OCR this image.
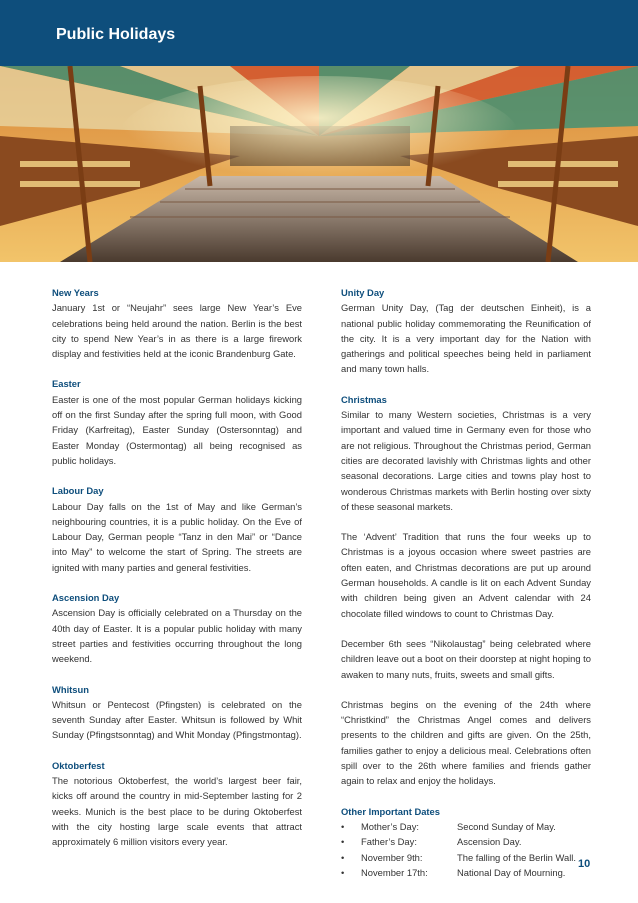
Public Holidays
New Years

January 1st or “Neujahr” sees large New Year’s Eve celebrations being held around the nation. Berlin is the best city to spend New Year’s in as there is a large firework display and festivities held at the iconic Brandenburg Gate.

Easter

Easter is one of the most popular German holidays kicking off on the first Sunday after the spring full moon, with Good Friday (Karfreitag), Easter Sunday (Ostersonntag) and Easter Monday (Ostermontag) all being recognised as public holidays.

Labour Day

Labour Day falls on the 1st of May and like German’s neighbouring countries, it is a public holiday. On the Eve of Labour Day, German people “Tanz in den Mai” or “Dance into May” to welcome the start of Spring. The streets are ignited with many parties and general festivities.

Ascension Day

Ascension Day is officially celebrated on a Thursday on the 40th day of Easter. It is a popular public holiday with many street parties and festivities occurring throughout the long weekend.

Whitsun

Whitsun or Pentecost (Pfingsten) is celebrated on the seventh Sunday after Easter. Whitsun is followed by Whit Sunday (Pfingstsonntag) and Whit Monday (Pfingstmontag).

Oktoberfest

The notorious Oktoberfest, the world’s largest beer fair, kicks off around the country in mid-September lasting for 2 weeks. Munich is the best place to be during Oktoberfest with the city hosting large scale events that attract approximately 6 million visitors every year.

Unity Day

German Unity Day, (Tag der deutschen Einheit), is a national public holiday commemorating the Reunification of the city. It is a very important day for the Nation with gatherings and political speeches being held in parliament and many town halls.

Christmas

Similar to many Western societies, Christmas is a very important and valued time in Germany even for those who are not religious. Throughout the Christmas period, German cities are decorated lavishly with Christmas lights and other seasonal decorations. Large cities and towns play host to wonderous Christmas markets with Berlin hosting over sixty of these seasonal markets.

The ‘Advent’ Tradition that runs the four weeks up to Christmas is a joyous occasion where sweet pastries are often eaten, and Christmas decorations are put up around German households. A candle is lit on each Advent Sunday with children being given an Advent calendar with 24 chocolate filled windows to count to Christmas Day.

December 6th sees “Nikolaustag” being celebrated where children leave out a boot on their doorstep at night hoping to awaken to many nuts, fruits, sweets and small gifts.

Christmas begins on the evening of the 24th where “Christkind” the Christmas Angel comes and delivers presents to the children and gifts are given. On the 25th, families gather to enjoy a delicious meal. Celebrations often spill over to the 26th where families and friends gather again to relax and enjoy the holidays.

Other Important Dates
•	Mother’s Day:	Second Sunday of May.
•	Father’s Day:	Ascension Day.
•	November 9th:	The falling of the Berlin Wall.
•	November 17th:	National Day of Mourning.
10
